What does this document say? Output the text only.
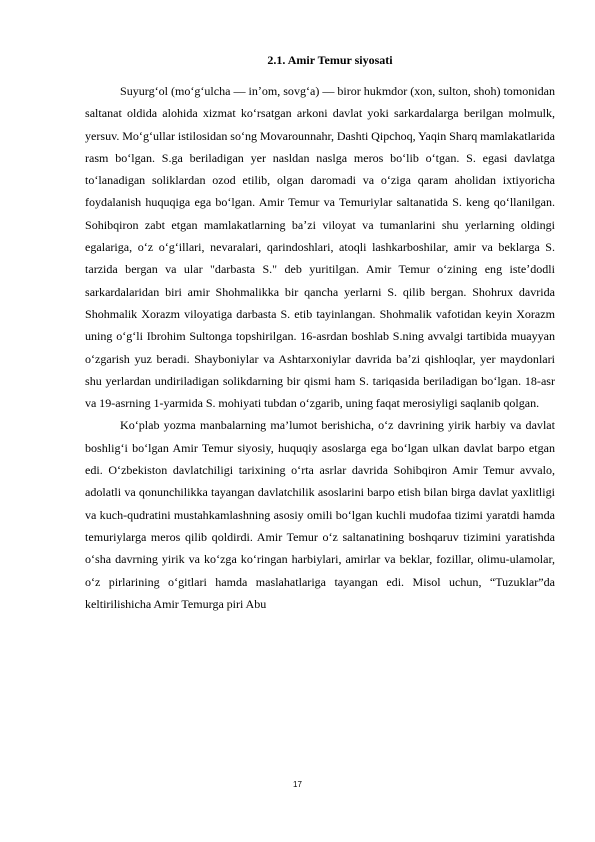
2.1. Amir Temur siyosati

Suyurgʻol (moʻgʻulcha — inʼom, sovgʻa) — biror hukmdor (xon, sulton, shoh) tomonidan saltanat oldida alohida xizmat koʻrsatgan arkoni davlat yoki sarkardalarga berilgan molmulk, yersuv. Moʻgʻullar istilosidan soʻng Movarounnahr, Dashti Qipchoq, Yaqin Sharq mamlakatlarida rasm boʻlgan. S.ga beriladigan yer nasldan naslga meros boʻlib oʻtgan. S. egasi davlatga toʻlanadigan soliklardan ozod etilib, olgan daromadi va oʻziga qaram aholidan ixtiyoricha foydalanish huquqiga ega boʻlgan. Amir Temur va Temuriylar saltanatida S. keng qoʻllanilgan. Sohibqiron zabt etgan mamlakatlarning baʼzi viloyat va tumanlarini shu yerlarning oldingi egalariga, oʻz oʻgʻillari, nevaralari, qarindoshlari, atoqli lashkarboshilar, amir va beklarga S. tarzida bergan va ular "darbasta S." deb yuritilgan. Amir Temur oʻzining eng isteʼdodli sarkardalaridan biri amir Shohmalikka bir qancha yerlarni S. qilib bergan. Shohrux davrida Shohmalik Xorazm viloyatiga darbasta S. etib tayinlangan. Shohmalik vafotidan keyin Xorazm uning oʻgʻli Ibrohim Sultonga topshirilgan. 16-asrdan boshlab S.ning avvalgi tartibida muayyan oʻzgarish yuz beradi. Shayboniylar va Ashtarxoniylar davrida baʼzi qishloqlar, yer maydonlari shu yerlardan undiriladigan solikdarning bir qismi ham S. tariqasida beriladigan boʻlgan. 18-asr va 19-asrning 1-yarmida S. mohiyati tubdan oʻzgarib, uning faqat merosiyligi saqlanib qolgan.

Ko‘plab yozma manbalarning ma’lumot berishicha, o‘z davrining yirik harbiy va davlat boshlig‘i bo‘lgan Amir Temur siyosiy, huquqiy asoslarga ega bo‘lgan ulkan davlat barpo etgan edi. O‘zbekiston davlatchiligi tarixining o‘rta asrlar davrida Sohibqiron Amir Temur avvalo, adolatli va qonunchilikka tayangan davlatchilik asoslarini barpo etish bilan birga davlat yaxlitligi va kuch-qudratini mustahkamlashning asosiy omili bo‘lgan kuchli mudofaa tizimi yaratdi hamda temuriylarga meros qilib qoldirdi. Amir Temur o‘z saltanatining boshqaruv tizimini yaratishda o‘sha davrning yirik va ko‘zga ko‘ringan harbiylari, amirlar va beklar, fozillar, olimu-ulamolar, o‘z pirlarining o‘gitlari hamda maslahatlariga tayangan edi. Misol uchun, “Tuzuklar”da keltirilishicha Amir Temurga piri Abu

17
